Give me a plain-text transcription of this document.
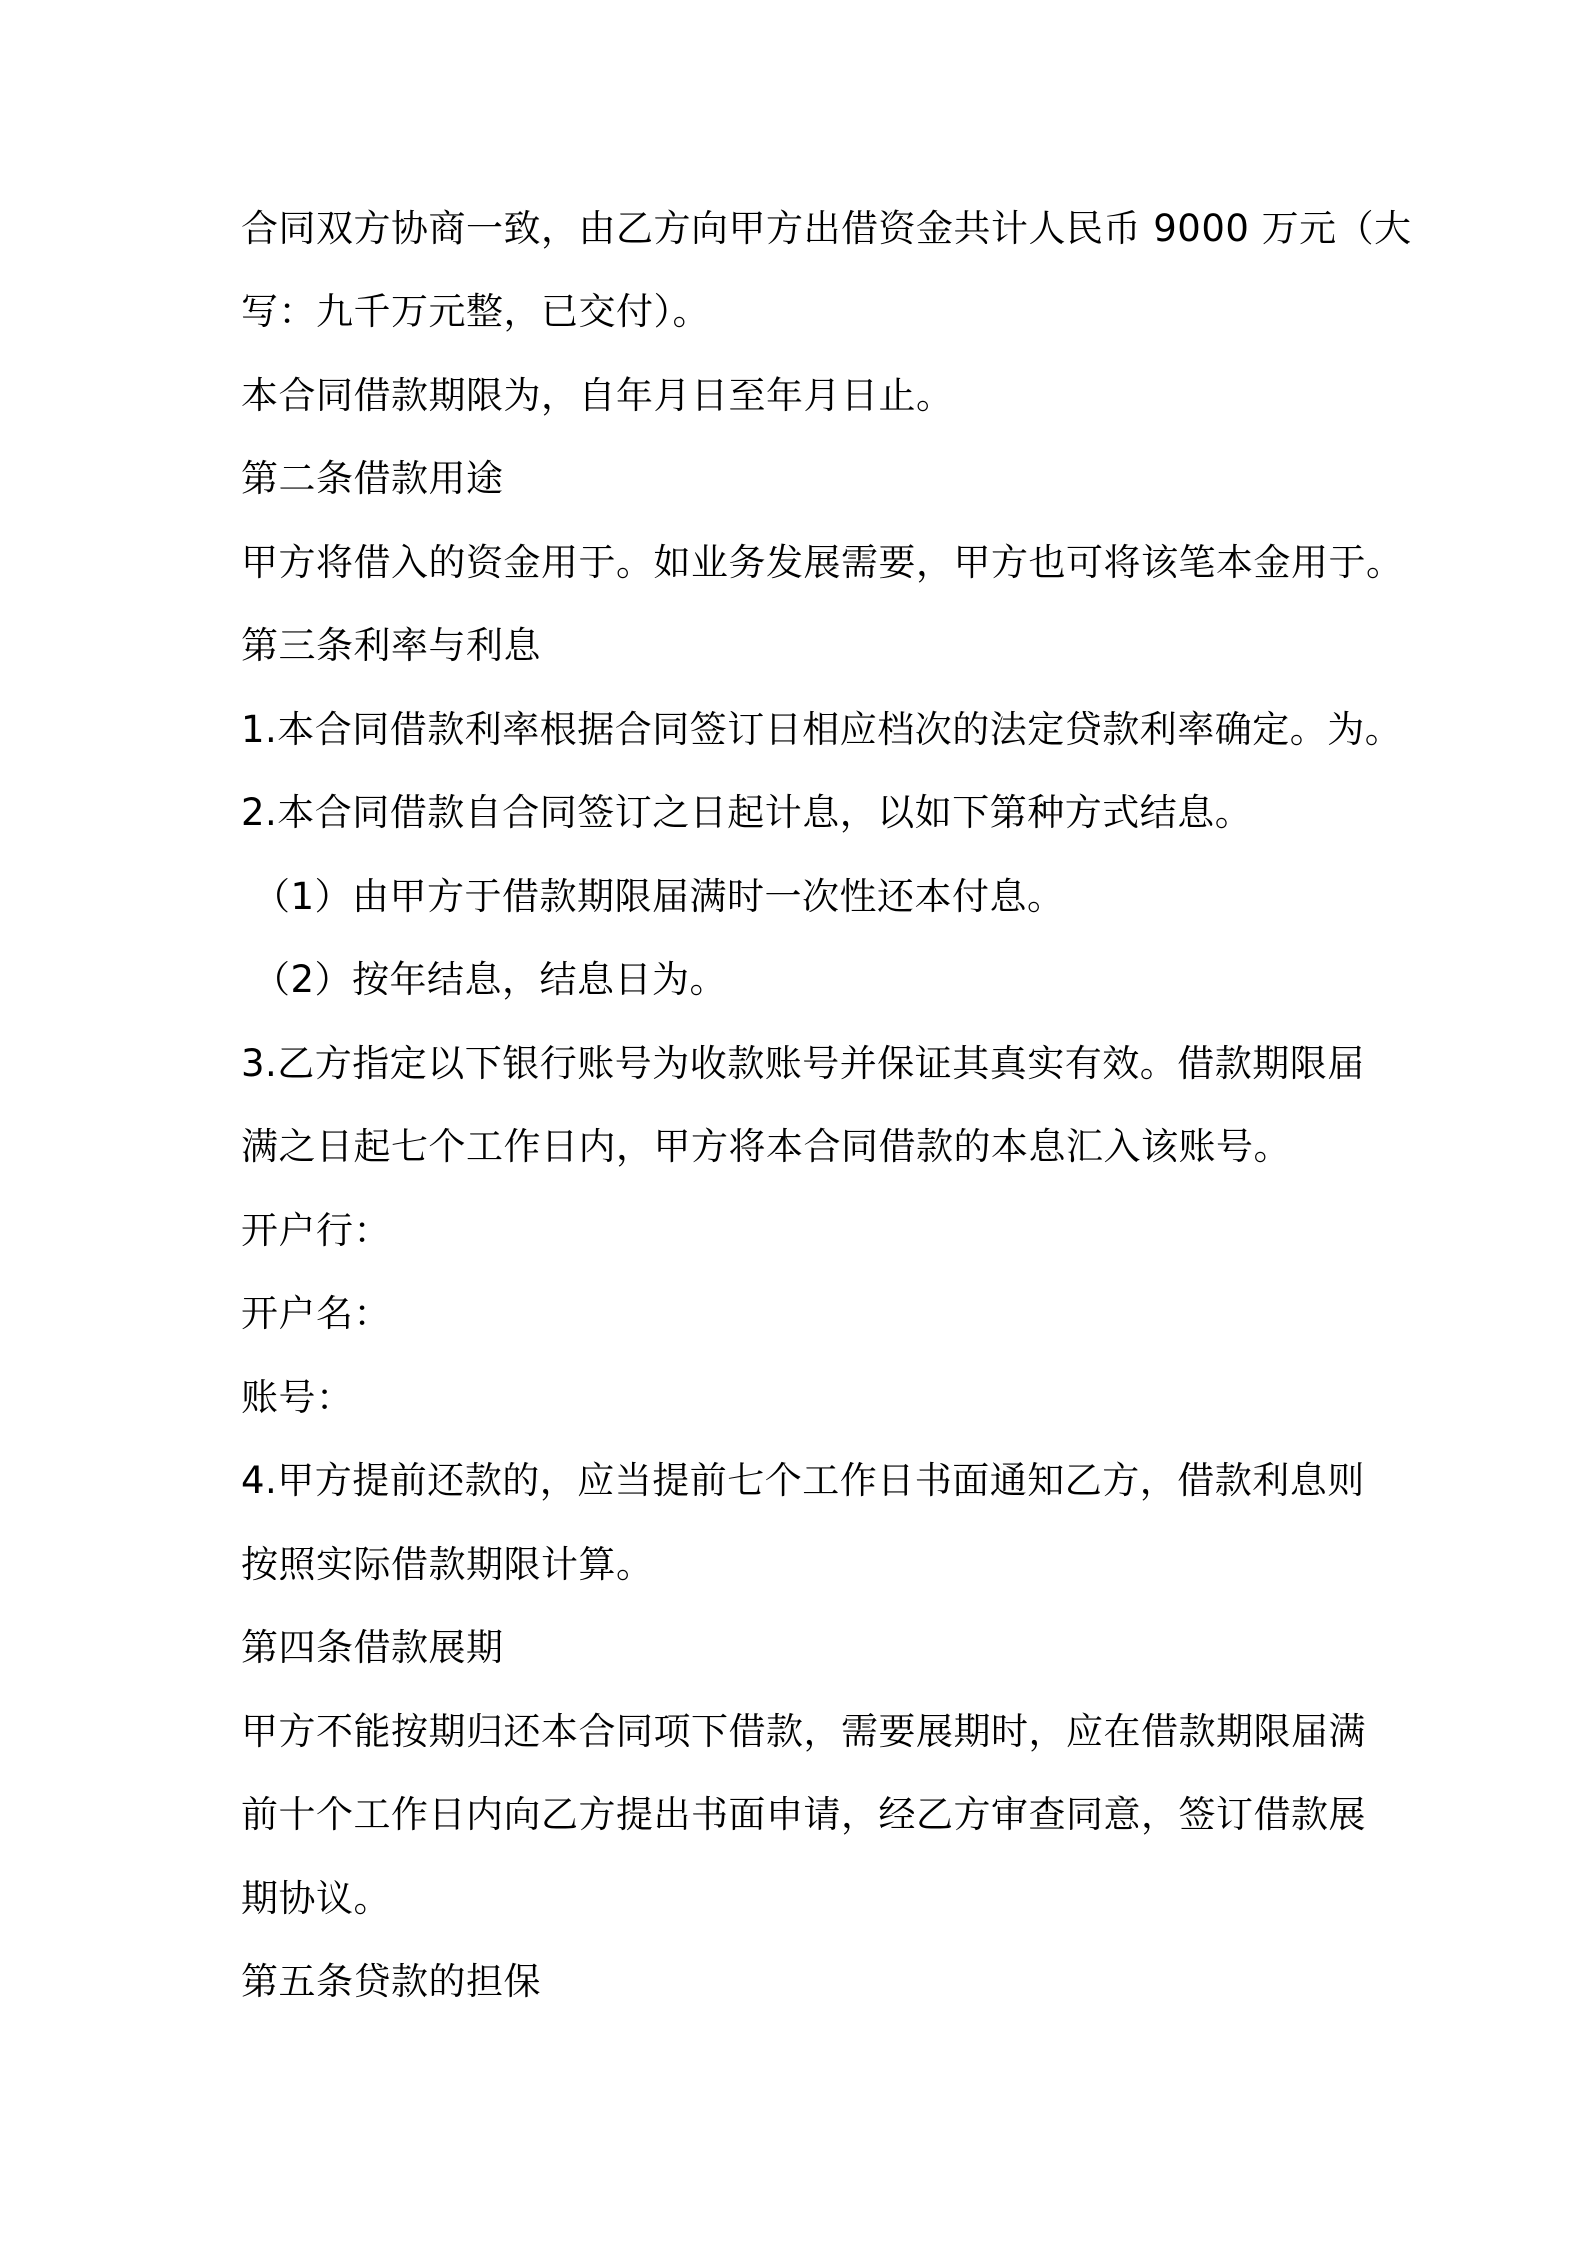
合同双方协商一致，由乙方向甲方出借资金共计人民币 9000 万元（大

写：九千万元整，已交付）。

本合同借款期限为，自年月日至年月日止。

第二条借款用途

甲方将借入的资金用于。如业务发展需要，甲方也可将该笔本金用于。

第三条利率与利息

1.本合同借款利率根据合同签订日相应档次的法定贷款利率确定。为。

2.本合同借款自合同签订之日起计息，以如下第种方式结息。

（1）由甲方于借款期限届满时一次性还本付息。

（2）按年结息，结息日为。

3.乙方指定以下银行账号为收款账号并保证其真实有效。借款期限届

满之日起七个工作日内，甲方将本合同借款的本息汇入该账号。

开户行：

开户名：

账号：

4.甲方提前还款的，应当提前七个工作日书面通知乙方，借款利息则

按照实际借款期限计算。

第四条借款展期

甲方不能按期归还本合同项下借款，需要展期时，应在借款期限届满

前十个工作日内向乙方提出书面申请，经乙方审查同意，签订借款展

期协议。

第五条贷款的担保
